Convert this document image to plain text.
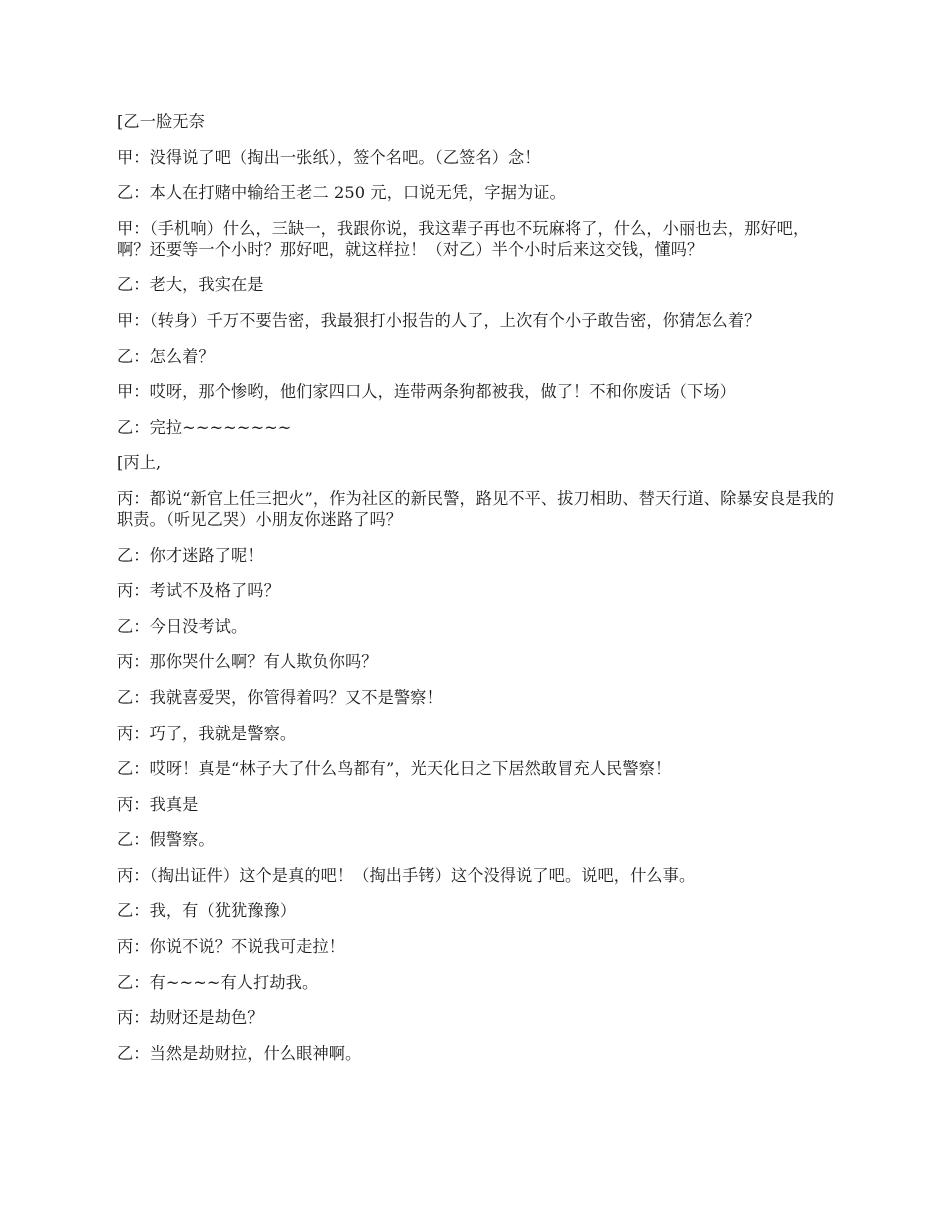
[乙一脸无奈

甲：没得说了吧（掏出一张纸），签个名吧。（乙签名）念！

乙：本人在打赌中输给王老二 250 元，口说无凭，字据为证。

甲：（手机响）什么，三缺一，我跟你说，我这辈子再也不玩麻将了，什么，小丽也去，那好吧，啊？还要等一个小时？那好吧，就这样拉！（对乙）半个小时后来这交钱，懂吗？

乙：老大，我实在是

甲：（转身）千万不要告密，我最狠打小报告的人了，上次有个小子敢告密，你猜怎么着？

乙：怎么着？

甲：哎呀，那个惨哟，他们家四口人，连带两条狗都被我，做了！不和你废话（下场）

乙：完拉~~~~~~~~

[丙上,

丙：都说“新官上任三把火”，作为社区的新民警，路见不平、拔刀相助、替天行道、除暴安良是我的职责。（听见乙哭）小朋友你迷路了吗？

乙：你才迷路了呢！

丙：考试不及格了吗？

乙：今日没考试。

丙：那你哭什么啊？有人欺负你吗？

乙：我就喜爱哭，你管得着吗？又不是警察！

丙：巧了，我就是警察。

乙：哎呀！真是“林子大了什么鸟都有”，光天化日之下居然敢冒充人民警察！

丙：我真是

乙：假警察。

丙：（掏出证件）这个是真的吧！（掏出手铐）这个没得说了吧。说吧，什么事。

乙：我，有（犹犹豫豫）

丙：你说不说？不说我可走拉！

乙：有~~~~有人打劫我。

丙：劫财还是劫色？

乙：当然是劫财拉，什么眼神啊。
